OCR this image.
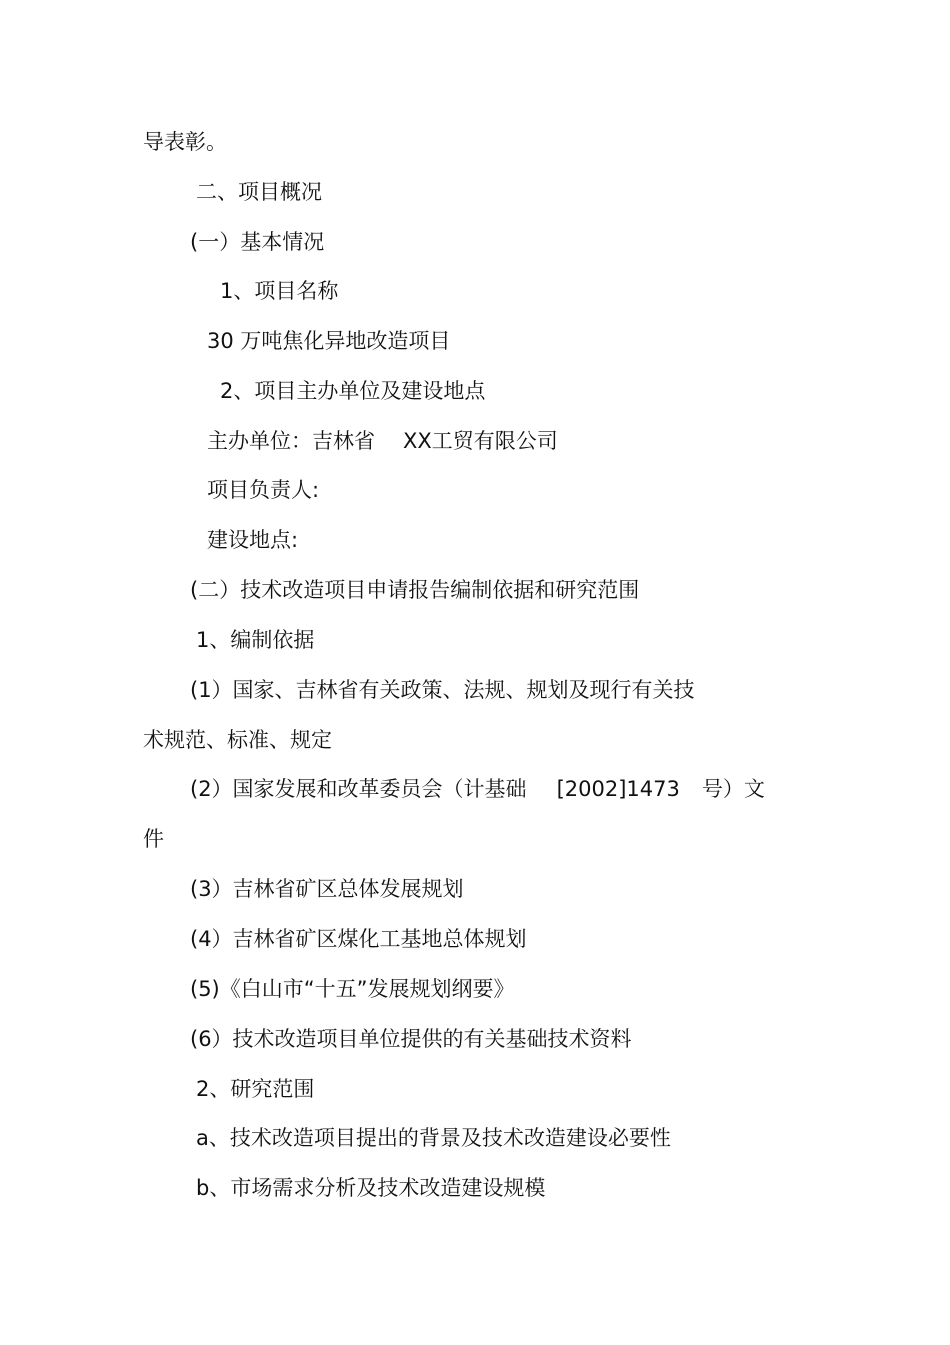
导表彰。

二、项目概况

(一）基本情况

1、项目名称

30 万吨焦化异地改造项目

2、项目主办单位及建设地点

主办单位：吉林省 XX工贸有限公司

项目负责人:

建设地点:

(二）技术改造项目申请报告编制依据和研究范围

1、编制依据

(1）国家、吉林省有关政策、法规、规划及现行有关技

术规范、标准、规定

(2）国家发展和改革委员会（计基础 [2002]1473 号）文

件

(3）吉林省矿区总体发展规划

(4）吉林省矿区煤化工基地总体规划

(5)《白山市“十五”发展规划纲要》

(6）技术改造项目单位提供的有关基础技术资料

2、研究范围

a、技术改造项目提出的背景及技术改造建设必要性

b、市场需求分析及技术改造建设规模
